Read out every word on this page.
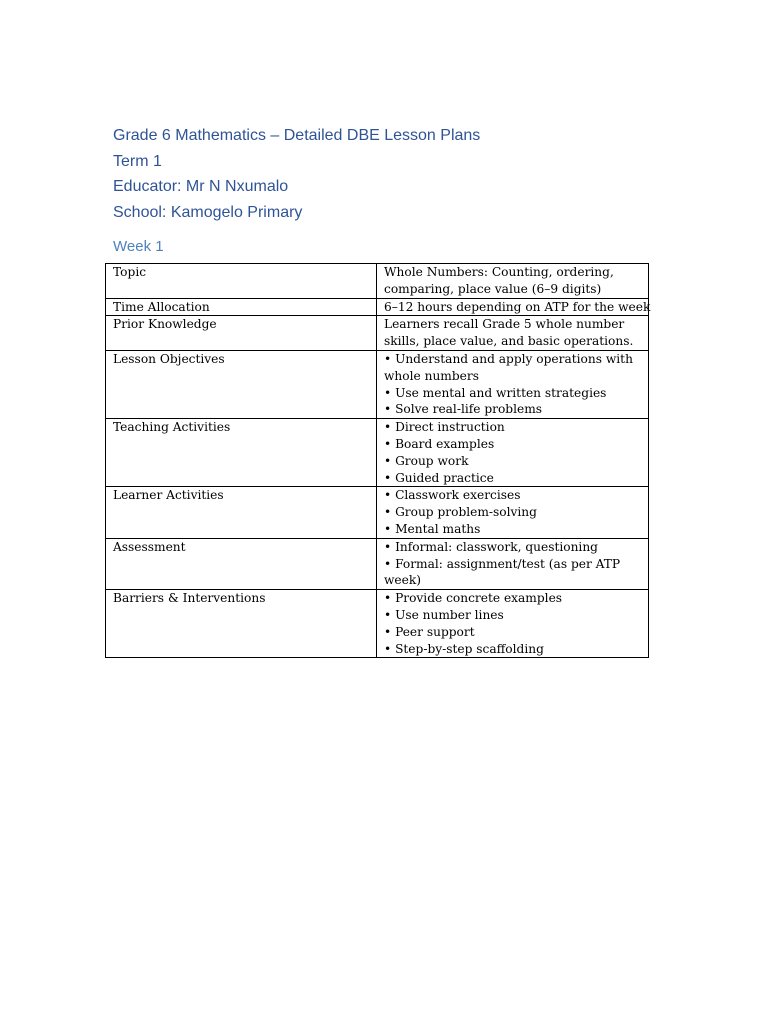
Grade 6 Mathematics – Detailed DBE Lesson Plans

Term 1

Educator: Mr N Nxumalo

School: Kamogelo Primary

Week 1

Topic	Whole Numbers: Counting, ordering,
comparing, place value (6–9 digits)

Time Allocation	6–12 hours depending on ATP for the week

Prior Knowledge	Learners recall Grade 5 whole number
skills, place value, and basic operations.

Lesson Objectives	• Understand and apply operations with
whole numbers
• Use mental and written strategies
• Solve real-life problems

Teaching Activities	• Direct instruction
• Board examples
• Group work
• Guided practice

Learner Activities	• Classwork exercises
• Group problem-solving
• Mental maths

Assessment	• Informal: classwork, questioning
• Formal: assignment/test (as per ATP
week)

Barriers & Interventions	• Provide concrete examples
• Use number lines
• Peer support
• Step-by-step scaffolding
